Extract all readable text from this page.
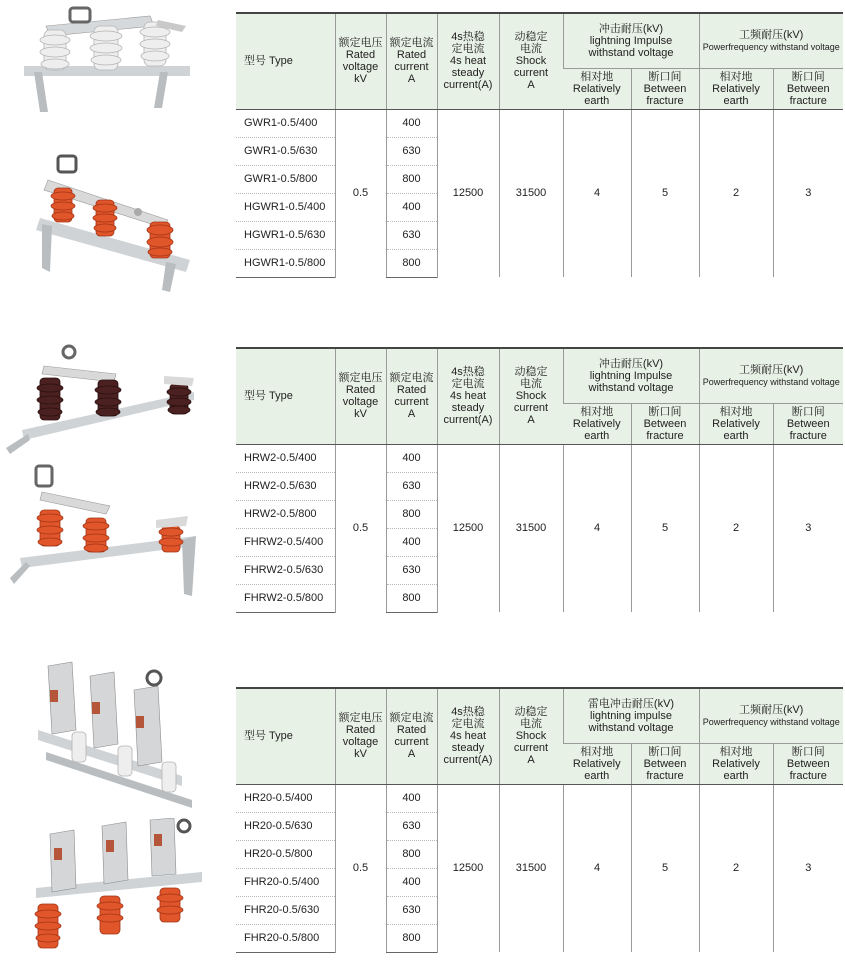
型号 Type	额定电压
Rated
voltage
kV	额定电流
Rated
current
A	4s热稳
定电流
4s heat
steady
current(A)	动稳定
电流
Shock
current
A	冲击耐压(kV)
lightning Impulse
withstand voltage		工频耐压(kV)
Powerfrequency withstand voltage	
					相对地
Relatively
earth	断口间
Between
fracture	相对地
Relatively
earth	断口间
Between
fracture
GWR1-0.5/400	0.5	400	12500	31500	4	5	2	3
GWR1-0.5/630		630						
GWR1-0.5/800		800						
HGWR1-0.5/400		400						
HGWR1-0.5/630		630						
HGWR1-0.5/800		800						
型号 Type	额定电压
Rated
voltage
kV	额定电流
Rated
current
A	4s热稳
定电流
4s heat
steady
current(A)	动稳定
电流
Shock
current
A	冲击耐压(kV)
lightning Impulse
withstand voltage		工频耐压(kV)
Powerfrequency withstand voltage	
					相对地
Relatively
earth	断口间
Between
fracture	相对地
Relatively
earth	断口间
Between
fracture
HRW2-0.5/400	0.5	400	12500	31500	4	5	2	3
HRW2-0.5/630		630						
HRW2-0.5/800		800						
FHRW2-0.5/400		400						
FHRW2-0.5/630		630						
FHRW2-0.5/800		800						
型号 Type	额定电压
Rated
voltage
kV	额定电流
Rated
current
A	4s热稳
定电流
4s heat
steady
current(A)	动稳定
电流
Shock
current
A	雷电冲击耐压(kV)
lightning impulse
withstand voltage		工频耐压(kV)
Powerfrequency withstand voltage	
					相对地
Relatively
earth	断口间
Between
fracture	相对地
Relatively
earth	断口间
Between
fracture
HR20-0.5/400	0.5	400	12500	31500	4	5	2	3
HR20-0.5/630		630						
HR20-0.5/800		800						
FHR20-0.5/400		400						
FHR20-0.5/630		630						
FHR20-0.5/800		800						
